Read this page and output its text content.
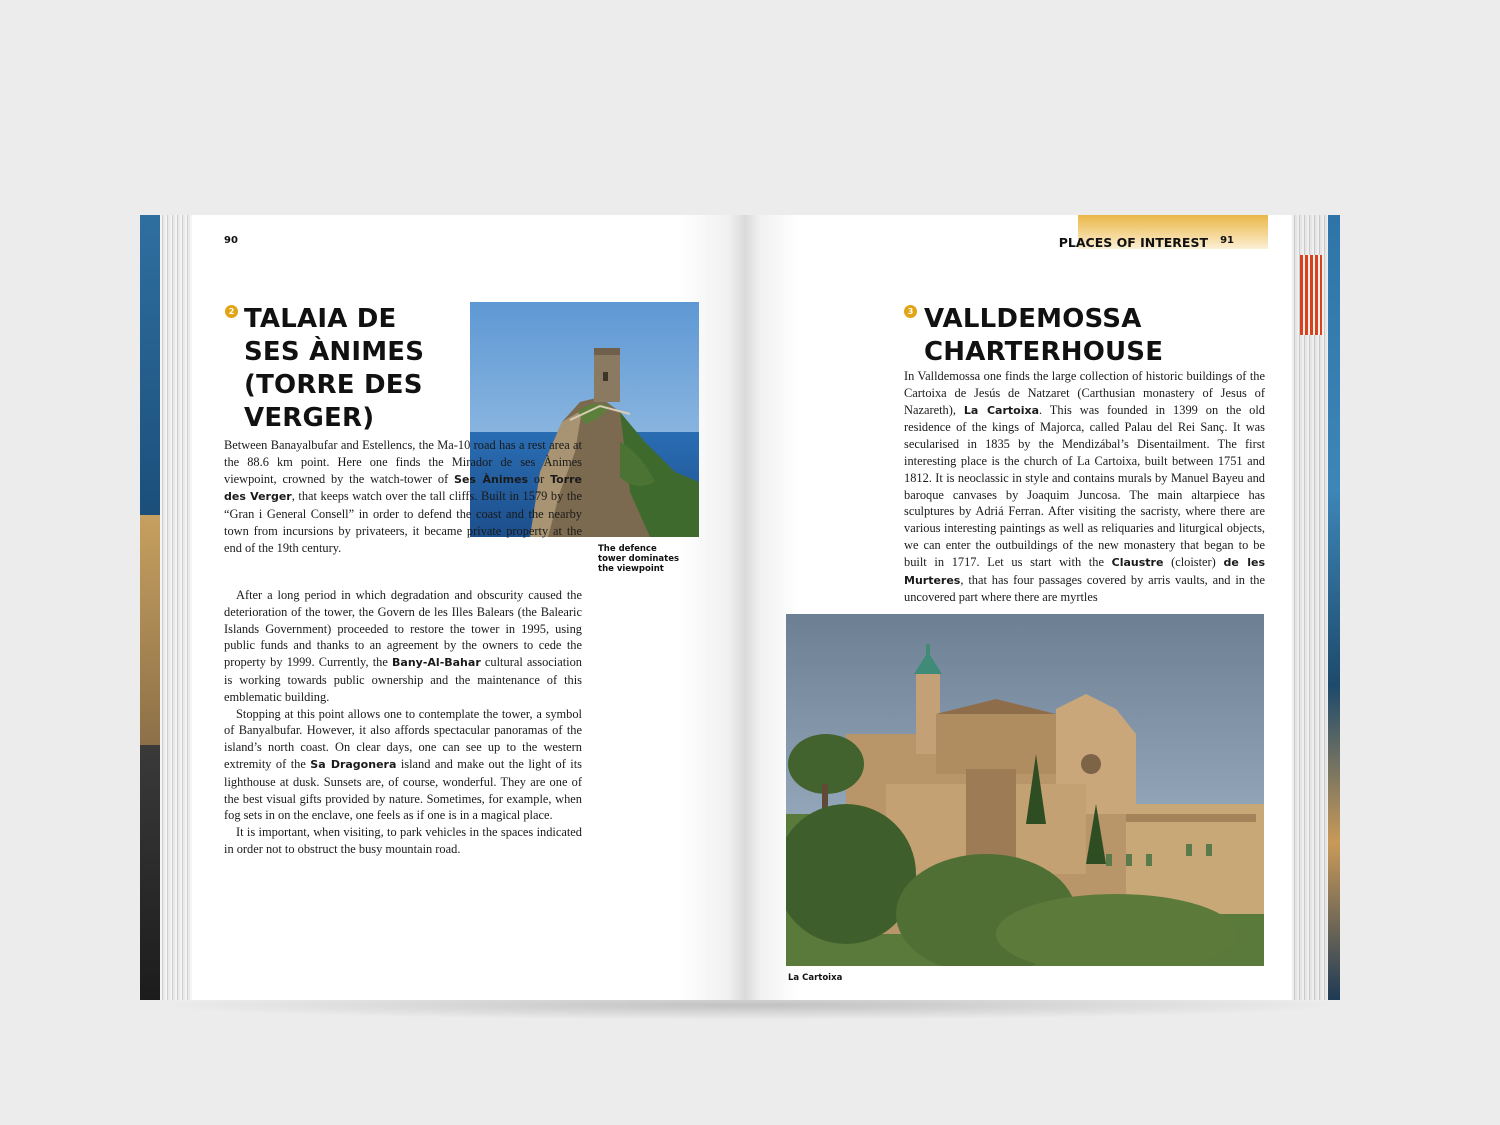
90
2 TALAIA DE
SES ÀNIMES
(TORRE DES
VERGER)
The defence tower dominates the viewpoint

Between Banayalbufar and Estellencs, the Ma-10 road has a rest area at the 88.6 km point. Here one finds the Mirador de ses Ànimes viewpoint, crowned by the watch-tower of Ses Ànimes or Torre des Verger, that keeps watch over the tall cliffs. Built in 1579 by the “Gran i General Consell” in order to defend the coast and the nearby town from incursions by privateers, it became private property at the end of the 19th century.

After a long period in which degradation and obscurity caused the deterioration of the tower, the Govern de les Illes Balears (the Balearic Islands Government) proceeded to restore the tower in 1995, using public funds and thanks to an agreement by the owners to cede the property by 1999. Currently, the Bany-Al-Bahar cultural association is working towards public ownership and the maintenance of this emblematic building.

Stopping at this point allows one to contemplate the tower, a symbol of Banyalbufar. However, it also affords spectacular panoramas of the island’s north coast. On clear days, one can see up to the western extremity of the Sa Dragonera island and make out the light of its lighthouse at dusk. Sunsets are, of course, wonderful. They are one of the best visual gifts provided by nature. Sometimes, for example, when fog sets in on the enclave, one feels as if one is in a magical place.

It is important, when visiting, to park vehicles in the spaces indicated in order not to obstruct the busy mountain road.

PLACES OF INTEREST 91
3 VALLDEMOSSA
CHARTERHOUSE

In Valldemossa one finds the large collection of historic buildings of the Cartoixa de Jesús de Natzaret (Carthusian monastery of Jesus of Nazareth), La Cartoixa. This was founded in 1399 on the old residence of the kings of Majorca, called Palau del Rei Sanç. It was secularised in 1835 by the Mendizábal’s Disentailment. The first interesting place is the church of La Cartoixa, built between 1751 and 1812. It is neoclassic in style and contains murals by Manuel Bayeu and baroque canvases by Joaquim Juncosa. The main altarpiece has sculptures by Adriá Ferran. After visiting the sacristy, where there are various interesting paintings as well as reliquaries and liturgical objects, we can enter the outbuildings of the new monastery that began to be built in 1717. Let us start with the Claustre (cloister) de les Murteres, that has four passages covered by arris vaults, and in the uncovered part where there are myrtles

La Cartoixa
